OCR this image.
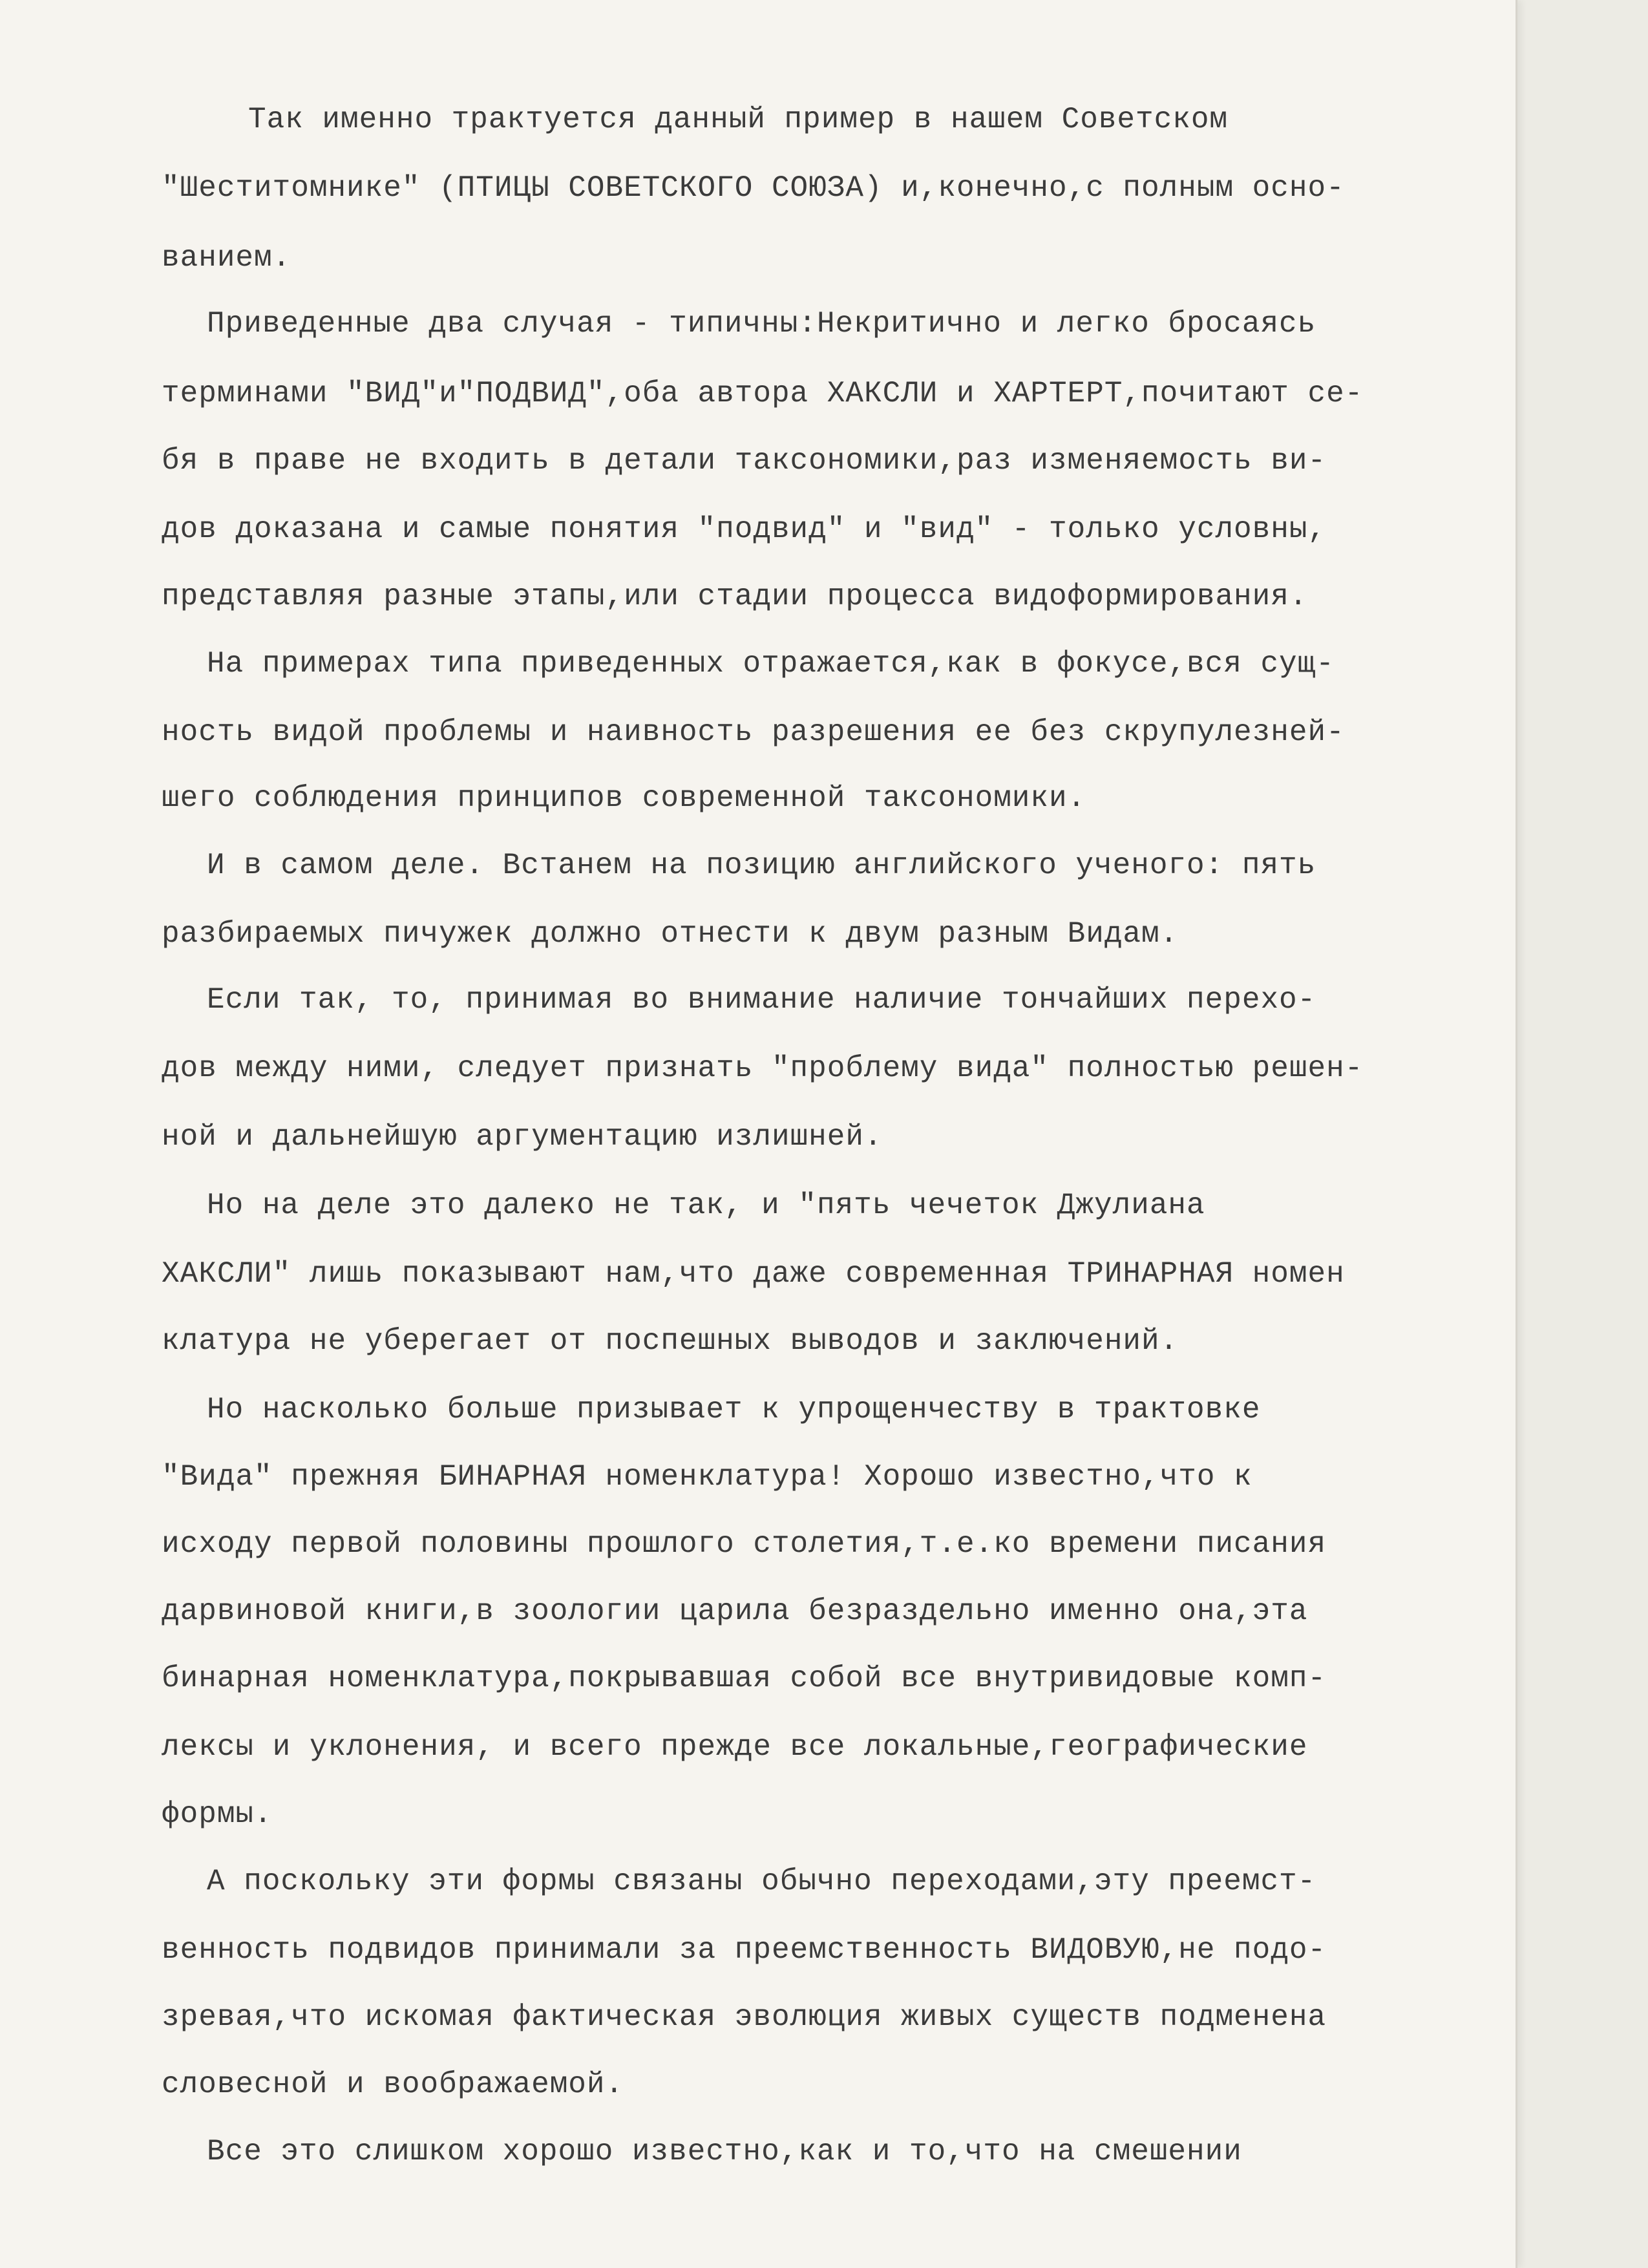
Так именно трактуется данный пример в нашем Советском

"Шеститомнике" (ПТИЦЫ СОВЕТСКОГО СОЮЗА) и,конечно,с полным осно-

ванием.

Приведенные два случая - типичны:Некритично и легко бросаясь

терминами "ВИД"и"ПОДВИД",оба автора ХАКСЛИ и ХАРТЕРТ,почитают се-

бя в праве не входить в детали таксономики,раз изменяемость ви-

дов доказана и самые понятия "подвид" и "вид" - только условны,

представляя разные этапы,или стадии процесса видоформирования.

На примерах типа приведенных отражается,как в фокусе,вся сущ-

ность видой проблемы и наивность разрешения ее без скрупулезней-

шего соблюдения принципов современной таксономики.

И в самом деле. Встанем на позицию английского ученого: пять

разбираемых пичужек должно отнести к двум разным Видам.

Если так, то, принимая во внимание наличие тончайших перехо-

дов между ними, следует признать "проблему вида" полностью решен-

ной и дальнейшую аргументацию излишней.

Но на деле это далеко не так, и "пять чечеток Джулиана

ХАКСЛИ" лишь показывают нам,что даже современная ТРИНАРНАЯ номен

клатура не уберегает от поспешных выводов и заключений.

Но насколько больше призывает к упрощенчеству в трактовке

"Вида" прежняя БИНАРНАЯ номенклатура! Хорошо известно,что к

исходу первой половины прошлого столетия,т.е.ко времени писания

дарвиновой книги,в зоологии царила безраздельно именно она,эта

бинарная номенклатура,покрывавшая собой все внутривидовые комп-

лексы и уклонения, и всего прежде все локальные,географические

формы.

А поскольку эти формы связаны обычно переходами,эту преемст-

венность подвидов принимали за преемственность ВИДОВУЮ,не подо-

зревая,что искомая фактическая эволюция живых существ подменена

словесной и воображаемой.

Все это слишком хорошо известно,как и то,что на смешении
